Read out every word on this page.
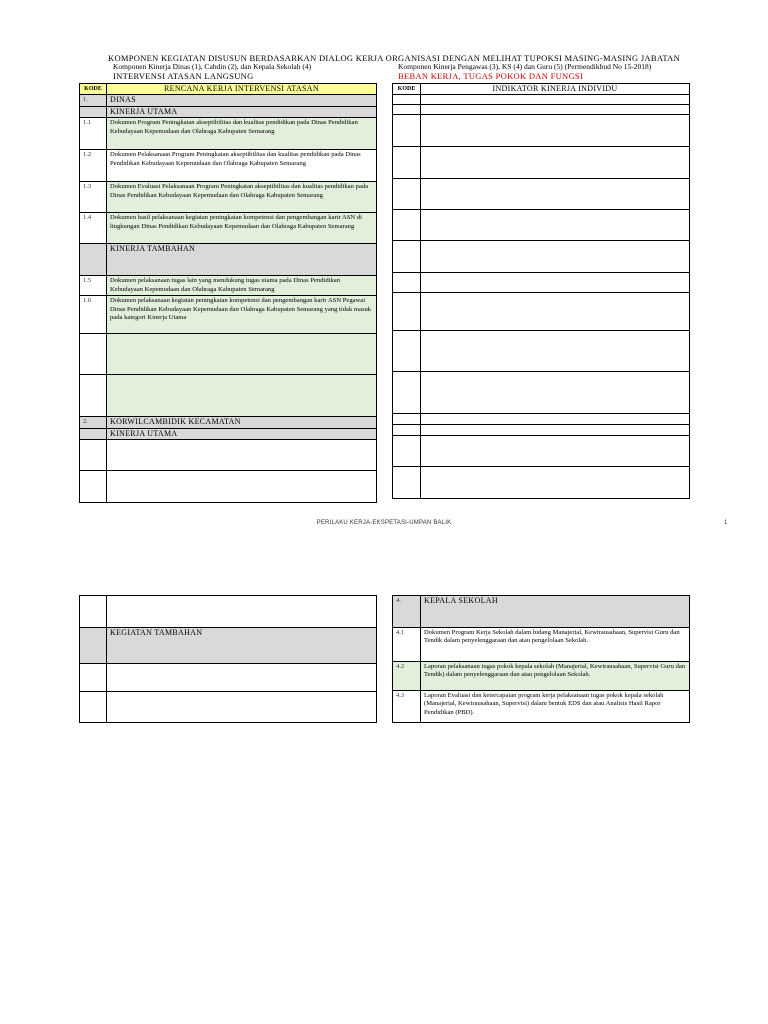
KOMPONEN KEGIATAN DISUSUN BERDASARKAN DIALOG KERJA ORGANISASI DENGAN MELIHAT TUPOKSI MASING-MASING JABATAN
Komponen Kinerja Dinas (1), Cabdin (2), dan Kepala Sekolah (4)	Komponen Kinerja Pengawas (3), KS (4) dan Guru (5) (Permendikbud No 15-2018)
INTERVENSI ATASAN LANGSUNG	BEBAN KERJA, TUGAS POKOK DAN FUNGSI
KODE	RENCANA KERJA INTERVENSI ATASAN
1.	DINAS
	KINERJA UTAMA
1.1	Dokumen Program Peningkatan akseptibilitas dan kualitas pendidikan pada Dinas Pendidikan Kebudayaan Kepemudaan dan Olahraga Kabupaten Semarang
1.2	Dokumen Pelaksanaan Program Peningkatan akseptibilitas dan kualitas pendidikan pada Dinas Pendidikan Kebudayaan Kepemudaan dan Olahraga Kabupaten Semarang
1.3	Dokumen Evaluasi Pelaksanaan Program Peningkatan akseptibilitas dan kualitas pendidikan pada Dinas Pendidikan Kebudayaan Kepemudaan dan Olahraga Kabupaten Semarang
1.4	Dokumen hasil pelaksanaan kegiatan peningkatan kompetensi dan pengembangan karir ASN di lingkungan Dinas Pendidikan Kebudayaan Kepemudaan dan Olahraga Kabupaten Semarang
	KINERJA TAMBAHAN
1.5	Dokumen pelaksanaan tugas lain yang mendukung tugas utama pada Dinas Pendidikan Kebudayaan Kepemudaan dan Olahraga Kabupaten Semarang
1.6	Dokumen pelaksanaan kegiatan peningkatan kompetensi dan pengembangan karir ASN Pegawai Dinas Pendidikan Kebudayaan Kepemudaan dan Olahraga Kabupaten Semarang yang tidak masuk pada kategori Kinerja Utama

2.	KORWILCAMBIDIK KECAMATAN
	KINERJA UTAMA

KODE	INDIKATOR KINERJA INDIVIDU

PERILAKU KERJA-EKSPETASI-UMPAN BALIK	1

	KEGIATAN TAMBAHAN

4.	KEPALA SEKOLAH
4.1	Dokumen Program Kerja Sekolah dalam bidang Manajerial, Kewirausahaan, Supervisi Guru dan Tendik dalam penyelenggaraan dan atau pengelolaan Sekolah.
4.2	Laporan pelaksanaan tugas pokok kepala sekolah (Manajerial, Kewirausahaan, Supervisi Guru dan Tendik) dalam penyelenggaraan dan atau pengelolaan Sekolah.
4.3	Laporan Evaluasi dan ketercapaian program kerja pelaksanaan tugas pokok kepala sekolah (Manajerial, Kewirausahaan, Supervisi) dalam bentuk EDS dan atau Analisis Hasil Rapor Pendidikan (PBD).
